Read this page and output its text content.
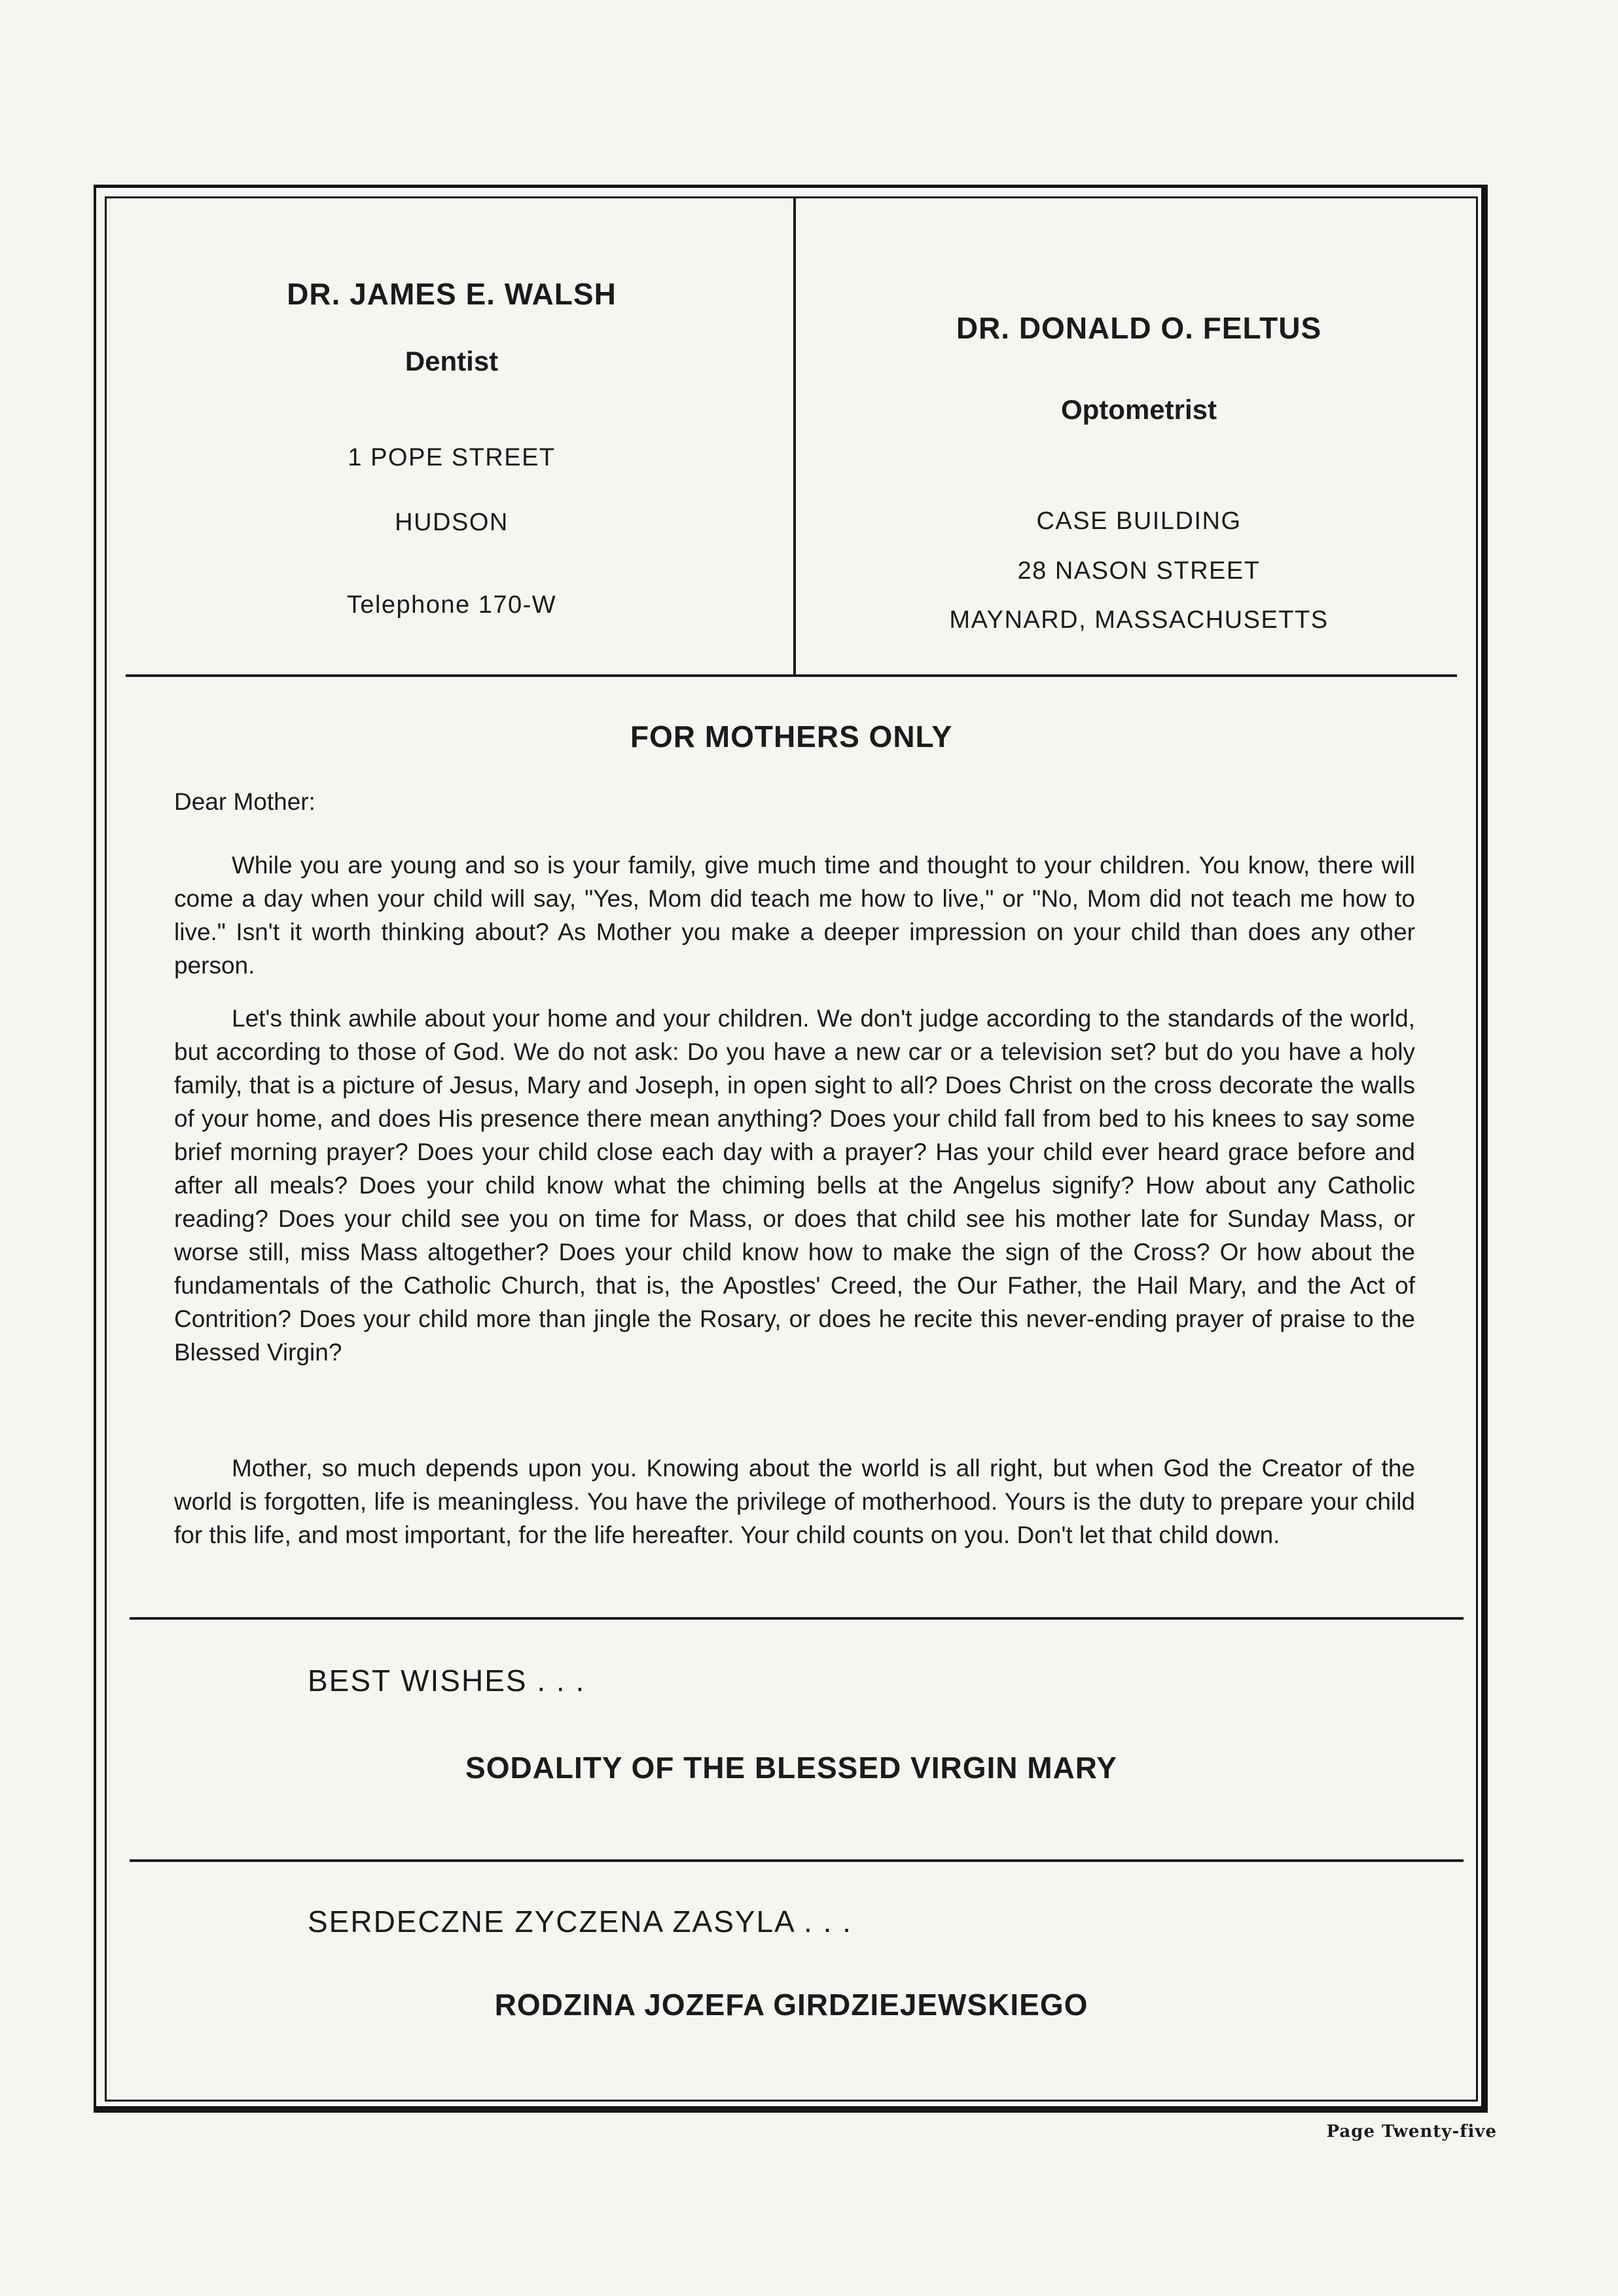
DR. JAMES E. WALSH
Dentist
1 POPE STREET
HUDSON
Telephone 170-W
DR. DONALD O. FELTUS
Optometrist
CASE BUILDING
28 NASON STREET
MAYNARD, MASSACHUSETTS
FOR MOTHERS ONLY
Dear Mother:

While you are young and so is your family, give much time and thought to your children. You know, there will come a day when your child will say, "Yes, Mom did teach me how to live," or "No, Mom did not teach me how to live." Isn't it worth thinking about? As Mother you make a deeper impression on your child than does any other person.

Let's think awhile about your home and your children. We don't judge according to the standards of the world, but according to those of God. We do not ask: Do you have a new car or a television set? but do you have a holy family, that is a picture of Jesus, Mary and Joseph, in open sight to all? Does Christ on the cross decorate the walls of your home, and does His presence there mean anything? Does your child fall from bed to his knees to say some brief morning prayer? Does your child close each day with a prayer? Has your child ever heard grace before and after all meals? Does your child know what the chiming bells at the Angelus signify? How about any Catholic reading? Does your child see you on time for Mass, or does that child see his mother late for Sunday Mass, or worse still, miss Mass altogether? Does your child know how to make the sign of the Cross? Or how about the fundamentals of the Catholic Church, that is, the Apostles' Creed, the Our Father, the Hail Mary, and the Act of Contrition? Does your child more than jingle the Rosary, or does he recite this never-ending prayer of praise to the Blessed Virgin?

Mother, so much depends upon you. Knowing about the world is all right, but when God the Creator of the world is forgotten, life is meaningless. You have the privilege of motherhood. Yours is the duty to prepare your child for this life, and most important, for the life hereafter. Your child counts on you. Don't let that child down.

BEST WISHES . . .
SODALITY OF THE BLESSED VIRGIN MARY
SERDECZNE ZYCZENA ZASYLA . . .
RODZINA JOZEFA GIRDZIEJEWSKIEGO
Page Twenty-five
